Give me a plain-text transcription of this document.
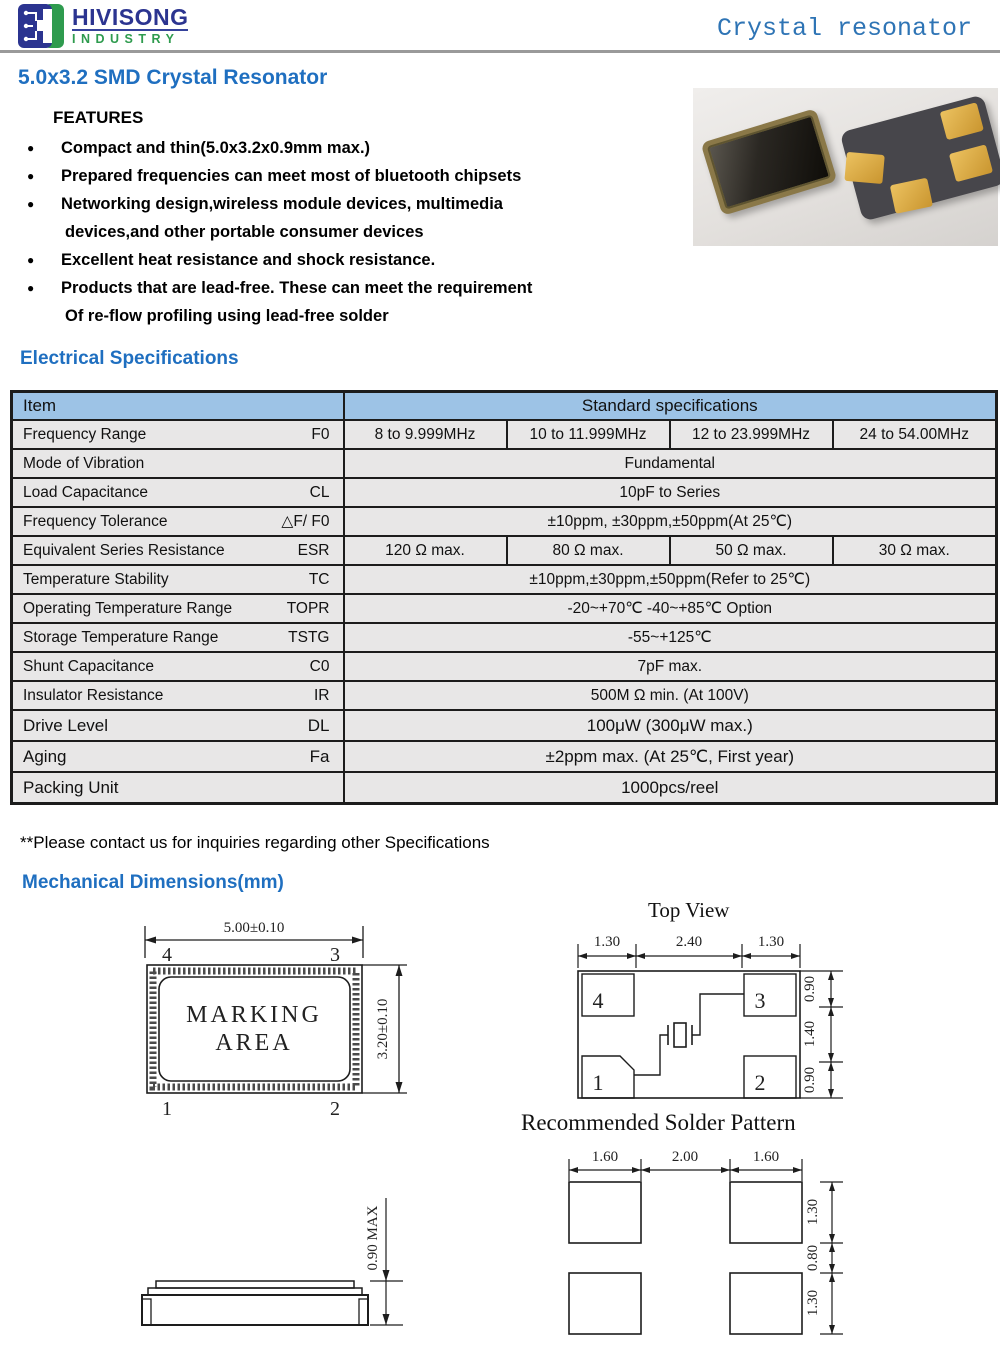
HIVISONG
INDUSTRY	Crystal resonator
5.0x3.2 SMD Crystal Resonator
FEATURES
●	Compact and thin(5.0x3.2x0.9mm max.)
●	Prepared frequencies can meet most of bluetooth chipsets
●	Networking design,wireless module devices, multimedia
devices,and other portable consumer devices
●	Excellent heat resistance and shock resistance.
●	Products that are lead-free. These can meet the requirement
Of re-flow profiling using lead-free solder
Electrical Specifications
Item	Standard specifications			

Frequency Range F0	8 to 9.999MHz	10 to 11.999MHz	12 to 23.999MHz	24 to 54.00MHz

Mode of Vibration	Fundamental			

Load Capacitance CL	10pF to Series			

Frequency Tolerance △F/ F0	±10ppm, ±30ppm,±50ppm(At 25℃)			

Equivalent Series Resistance ESR	120 Ω max.	80 Ω max.	50 Ω max.	30 Ω max.

Temperature Stability TC	±10ppm,±30ppm,±50ppm(Refer to 25℃)			

Operating Temperature Range TOPR	-20~+70℃ -40~+85℃ Option			

Storage Temperature Range TSTG	-55~+125℃			

Shunt Capacitance C0	7pF max.			

Insulator Resistance IR	500M Ω min. (At 100V)			

Drive Level DL	100μW (300μW max.)			

Aging Fa	±2ppm max. (At 25℃, First year)			

Packing Unit	1000pcs/reel			
**Please contact us for inquiries regarding other Specifications
Mechanical Dimensions(mm)
5.00±0.10
4	3
MARKING
AREA
1	2
3.20±0.10
Top View
1.30	2.40	1.30
4	3
1	2
0.90
1.40
0.90
Recommended Solder Pattern
1.60	2.00	1.60
1.30
0.80
1.30
0.90 MAX
